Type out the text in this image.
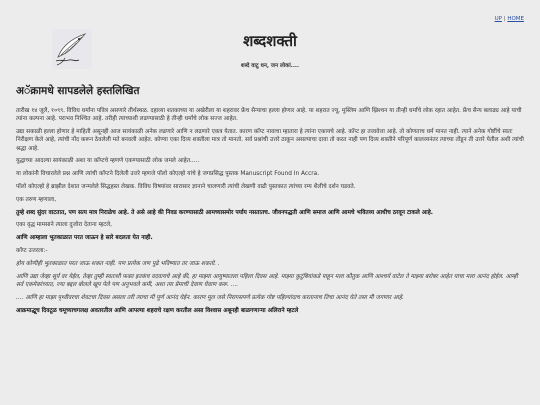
UP | HOME
शब्दशक्ती
शब्दे वाटू धन, जन लोकां....
अॅक्रामधे सापडलेले हस्तलिखित

तारीख १४ जुलै, १०९९. विविध धर्मांना पवित्र असणारे तीर्थस्थळ. दहाव्या शतकाच्या या अखेरीला या शहरावर फ्रेंच सैन्याचा हल्ला होणार आहे. या शहरात ज्यू, मुस्लिम आणि ख्रिश्चन या तीन्ही धर्मांचे लोक रहात आहेत. फ्रेंच सैन्य बलाढ्य आहे याची त्यांना कल्पना आहे. पराभव निश्चित आहे. तरीही त्याच्याशी लढण्यासाठी हे तीन्ही धर्मांचे लोक सज्ज आहेत.

उद्या सकाळी हल्ला होणार हे माहिती असूनही आज सायंकाळी अनेक लढणारे आणि न लढणारे एकत्र येतात. कारण कॉप्ट नावाचा म्हातारा हे त्यांना एकायचे आहे. कॉप्ट हा तत्त्ववेत्ता आहे. तो कोणताच धर्म मानत नाही. त्याने अनेक गोष्टींचे स्वतः निरीक्षण केले आहे, त्यांची नोंद करून ठेवलेली मते बनवली आहेत. कोण्या एका दिव्य शक्तीला मात्र तो मानतो. सर्व प्रश्नांची उत्तरे ठाकून असल्याचा दावा तो करत नाही पण दिव्य शक्तीने परिपूर्ण कालव्यनंतर त्याच्या तोंडून ती उत्तरे येतील अशी त्यांची श्रद्धा आहे.

युद्धाच्या आदल्या सायंकाळी अशा या कॉप्टचे म्हणणे एकण्यासाठी लोक जमले आहेत.....

या लोकांनी विचारलेले प्रश्न आणि त्यांची कॉप्टने दिलेली उत्तरे म्हणजे पॉलो कोएल्हो यांचे हे जगप्रसिद्ध पुस्तक Manuscript Found In Accra.

पॉलो कोएल्हो हे ब्राझील देशात जन्मलेले सिद्धहस्त लेखक. विविध विषयांवर सारासार ज्ञानाने चालणारी त्यांची लेखणी वाढी पुस्तकात त्यांच्या रम्य शैलीचे दर्शन घडवते.

एक तरुण म्हणाला,

तुम्हे शब्द सुंदर वाटतात, पण सत्य मात्र निराळेच आहे. ते असे आहे की निवड करण्यासाठी आमच्यासमोर पर्याय नसतातच. जीवनपद्धती आणि समाज आणि आमचे भवितव्य आधीच ठरवून टाकले आहे.

एका वृद्ध मामसाने त्याला दुजोरा देताना म्हटले,

आणि आम्हाला भूतकाळात परत जाऊन हे सारे बदलता येत नाही.

कॉप्ट उत्तरला:-

होय कोणीही भूतकाळात परत जाऊ शकत नाही. पण प्रत्येक जण पुढे भविष्यात तर जाऊ शकतो. .

आणि उद्या जेव्हा सूर्य वर येईल, तेव्हा तुम्ही स्वतःशी फक्त इतकंच वदवायचे आहे की, हा माझ्या आयुष्यातला पहिला दिवस आहे. माझ्या कुटुंबियांकडे पाहून मला कौतुक आणि आश्चर्य वाटेल ते माझ्या बरोबर आहेत याचा मला आनंद होईल. आम्ही सर्व एकमेकांच्यात, ज्या बद्दल बोलले खूप पेले पण अनुभवले कमी, अशा त्या प्रेमाची देवाण घेवाण करू. ....

.... आणि हा माझा पृथ्वीवरचा शेवटचा दिवस असला तरी त्याचा मी पूर्ण आनंद घेईन. कारण मूल जसे निरागसपणे प्रत्येक गोष्ट पहिल्यांदाच करतानाच तिचा आनंद घेते तसा मी जगणार आहे.

आक्रमाद्धूच दिवटूळ चमूच्याचगलक्ष अवतरतील आणि आपल्या शहराचे रक्षण करतील असा विश्वास अबूनही बाळगणाऱ्या अलिराने म्हटले
